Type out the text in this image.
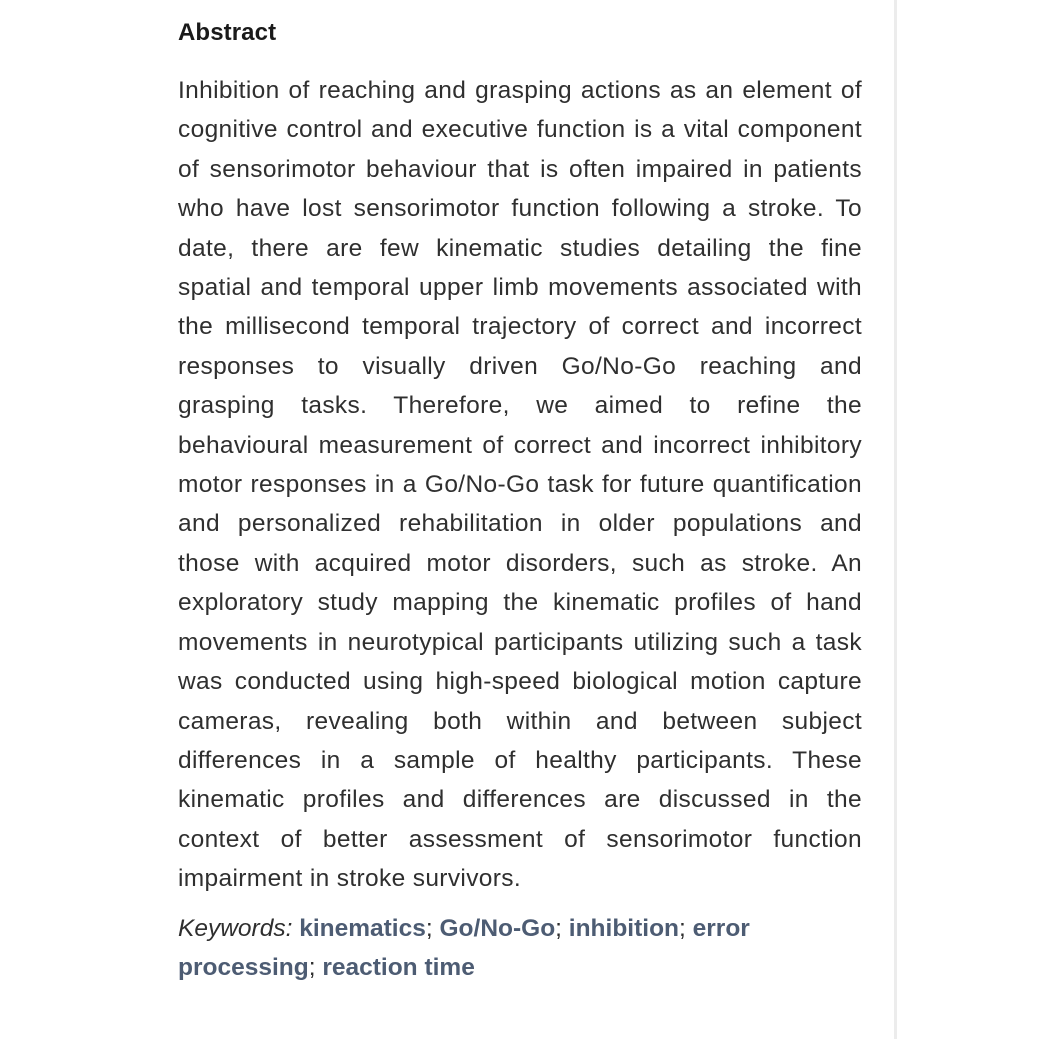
Abstract

Inhibition of reaching and grasping actions as an element of cognitive control and executive function is a vital component of sensorimotor behaviour that is often impaired in patients who have lost sensorimotor function following a stroke. To date, there are few kinematic studies detailing the fine spatial and temporal upper limb movements associated with the millisecond temporal trajectory of correct and incorrect responses to visually driven Go/No-Go reaching and grasping tasks. Therefore, we aimed to refine the behavioural measurement of correct and incorrect inhibitory motor responses in a Go/No-Go task for future quantification and personalized rehabilitation in older populations and those with acquired motor disorders, such as stroke. An exploratory study mapping the kinematic profiles of hand movements in neurotypical participants utilizing such a task was conducted using high-speed biological motion capture cameras, revealing both within and between subject differences in a sample of healthy participants. These kinematic profiles and differences are discussed in the context of better assessment of sensorimotor function impairment in stroke survivors.

Keywords: kinematics; Go/No-Go; inhibition; error processing; reaction time
